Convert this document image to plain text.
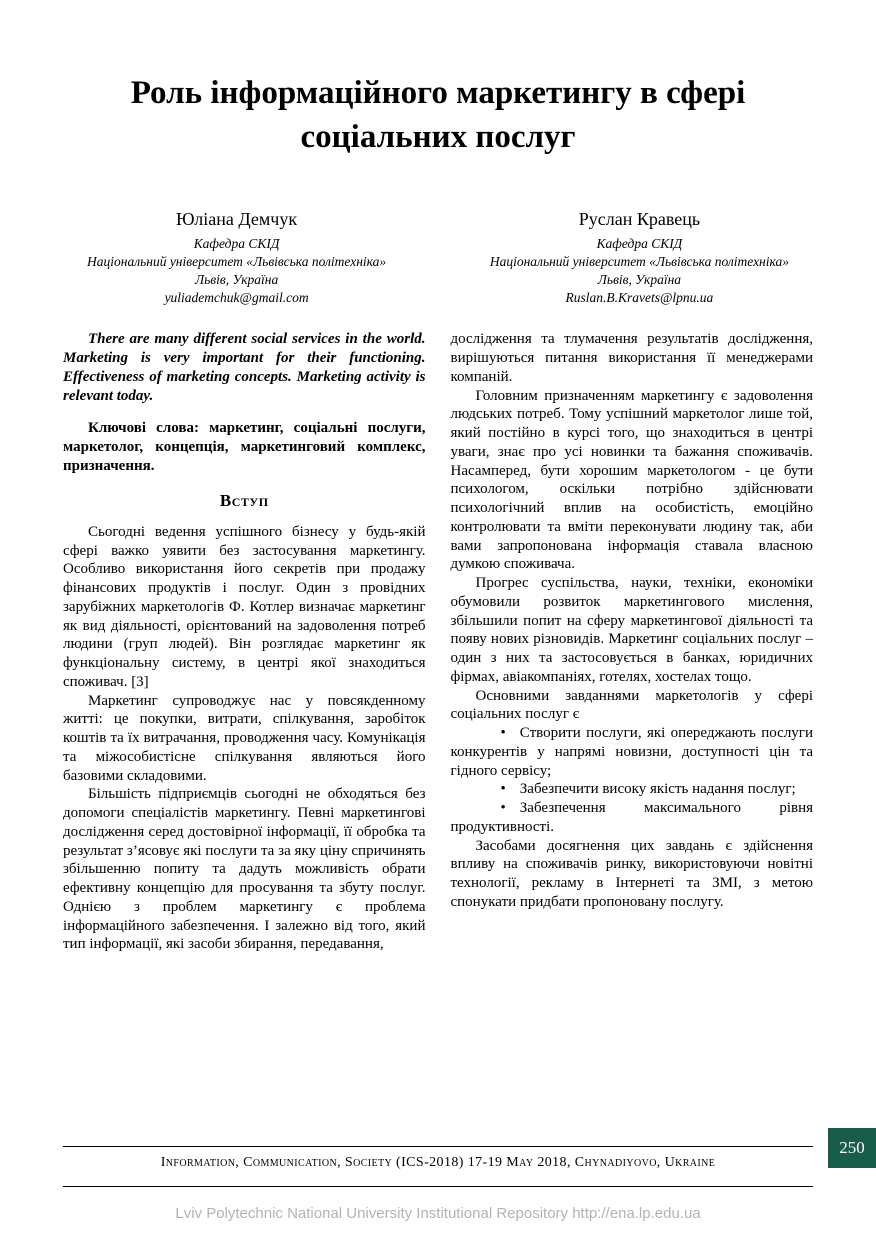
Роль інформаційного маркетингу в сфері соціальних послуг
Юліана Демчук
Кафедра СКІД
Національний університет «Львівська політехніка»
Львів, Україна
yuliademchuk@gmail.com
Руслан Кравець
Кафедра СКІД
Національний університет «Львівська політехніка»
Львів, Україна
Ruslan.B.Kravets@lpnu.ua

There are many different social services in the world. Marketing is very important for their functioning. Effectiveness of marketing concepts. Marketing activity is relevant today.

Ключові слова: маркетинг, соціальні послуги, маркетолог, концепція, маркетинговий комплекс, призначення.

Вступ

Сьогодні ведення успішного бізнесу у будь-якій сфері важко уявити без застосування маркетингу. Особливо використання його секретів при продажу фінансових продуктів і послуг. Один з провідних зарубіжних маркетологів Ф. Котлер визначає маркетинг як вид діяльності, орієнтований на задоволення потреб людини (груп людей). Він розглядає маркетинг як функціональну систему, в центрі якої знаходиться споживач. [3]

Маркетинг супроводжує нас у повсякденному житті: це покупки, витрати, спілкування, заробіток коштів та їх витрачання, проводження часу. Комунікація та міжособистісне спілкування являються його базовими складовими.

Більшість підприємців сьогодні не обходяться без допомоги спеціалістів маркетингу. Певні маркетингові дослідження серед достовірної інформації, її обробка та результат з’ясовує які послуги та за яку ціну спричинять збільшенню попиту та дадуть можливість обрати ефективну концепцію для просування та збуту послуг. Однією з проблем маркетингу є проблема інформаційного забезпечення. І залежно від того, який тип інформації, які засоби збирання, передавання,

дослідження та тлумачення результатів дослідження, вирішуються питання використання її менеджерами компаній.

Головним призначенням маркетингу є задоволення людських потреб. Тому успішний маркетолог лише той, який постійно в курсі того, що знаходиться в центрі уваги, знає про усі новинки та бажання споживачів. Насамперед, бути хорошим маркетологом - це бути психологом, оскільки потрібно здійснювати психологічний вплив на особистість, емоційно контролювати та вміти переконувати людину так, аби вами запропонована інформація ставала власною думкою споживача.

Прогрес суспільства, науки, техніки, економіки обумовили розвиток маркетингового мислення, збільшили попит на сферу маркетингової діяльності та появу нових різновидів. Маркетинг соціальних послуг – один з них та застосовується в банках, юридичних фірмах, авіакомпаніях, готелях, хостелах тощо.

Основними завданнями маркетологів у сфері соціальних послуг є

• Створити послуги, які опереджають послуги конкурентів у напрямі новизни, доступності цін та гідного сервісу;

• Забезпечити високу якість надання послуг;

• Забезпечення максимального рівня продуктивності.

Засобами досягнення цих завдань є здійснення впливу на споживачів ринку, використовуючи новітні технології, рекламу в Інтернеті та ЗМІ, з метою спонукати придбати пропоновану послугу.

Information, Communication, Society (ICS-2018) 17-19 May 2018, Chynadiyovo, Ukraine
250
Lviv Polytechnic National University Institutional Repository http://ena.lp.edu.ua
